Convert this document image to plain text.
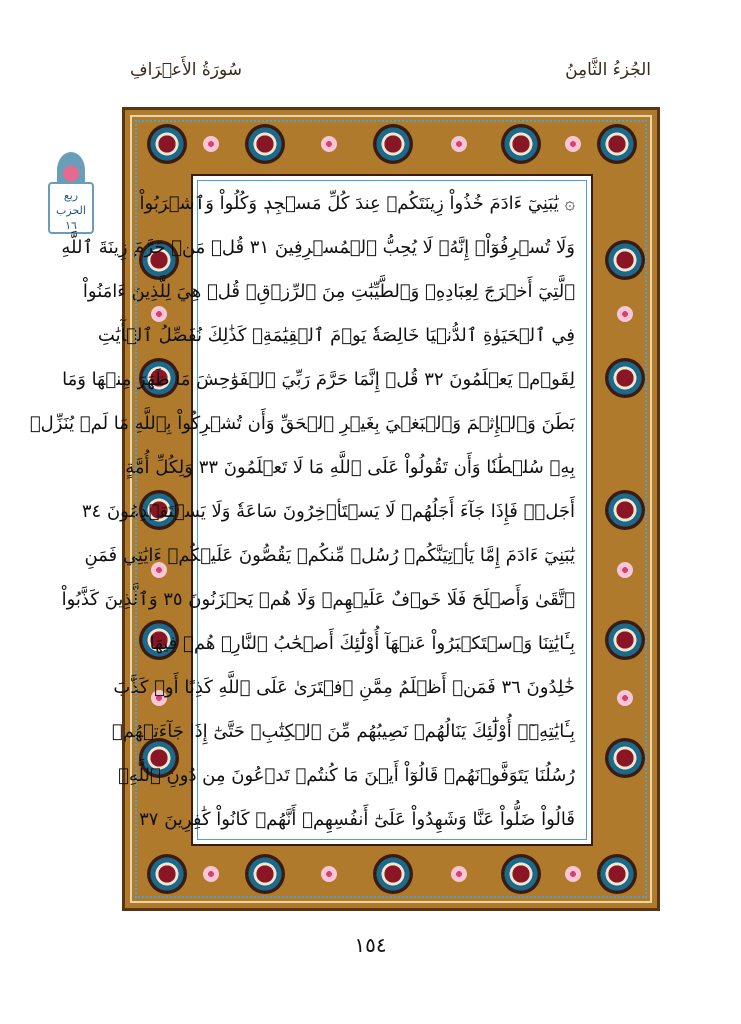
الجُزءُ الثَّامِنُ
سُورَةُ الأَعۡرَافِ
ربع
الحزب
١٦
۞ يَٰبَنِيٓ ءَادَمَ خُذُواْ زِينَتَكُمۡ عِندَ كُلِّ مَسۡجِدٖ وَكُلُواْ وَٱشۡرَبُواْ
وَلَا تُسۡرِفُوٓاْۚ إِنَّهُۥ لَا يُحِبُّ ٱلۡمُسۡرِفِينَ ٣١ قُلۡ مَنۡ حَرَّمَ زِينَةَ ٱللَّهِ
ٱلَّتِيٓ أَخۡرَجَ لِعِبَادِهِۦ وَٱلطَّيِّبَٰتِ مِنَ ٱلرِّزۡقِۚ قُلۡ هِيَ لِلَّذِينَ ءَامَنُواْ
فِي ٱلۡحَيَوٰةِ ٱلدُّنۡيَا خَالِصَةٗ يَوۡمَ ٱلۡقِيَٰمَةِۗ كَذَٰلِكَ نُفَصِّلُ ٱلۡأٓيَٰتِ
لِقَوۡمٖ يَعۡلَمُونَ ٣٢ قُلۡ إِنَّمَا حَرَّمَ رَبِّيَ ٱلۡفَوَٰحِشَ مَا ظَهَرَ مِنۡهَا وَمَا
بَطَنَ وَٱلۡإِثۡمَ وَٱلۡبَغۡيَ بِغَيۡرِ ٱلۡحَقِّ وَأَن تُشۡرِكُواْ بِٱللَّهِ مَا لَمۡ يُنَزِّلۡ
بِهِۦ سُلۡطَٰنٗا وَأَن تَقُولُواْ عَلَى ٱللَّهِ مَا لَا تَعۡلَمُونَ ٣٣ وَلِكُلِّ أُمَّةٍ
أَجَلٞۖ فَإِذَا جَآءَ أَجَلُهُمۡ لَا يَسۡتَأۡخِرُونَ سَاعَةٗ وَلَا يَسۡتَقۡدِمُونَ ٣٤
يَٰبَنِيٓ ءَادَمَ إِمَّا يَأۡتِيَنَّكُمۡ رُسُلٞ مِّنكُمۡ يَقُصُّونَ عَلَيۡكُمۡ ءَايَٰتِي فَمَنِ
ٱتَّقَىٰ وَأَصۡلَحَ فَلَا خَوۡفٌ عَلَيۡهِمۡ وَلَا هُمۡ يَحۡزَنُونَ ٣٥ وَٱلَّذِينَ كَذَّبُواْ
بِـَٔايَٰتِنَا وَٱسۡتَكۡبَرُواْ عَنۡهَآ أُوْلَٰٓئِكَ أَصۡحَٰبُ ٱلنَّارِۖ هُمۡ فِيهَا
خَٰلِدُونَ ٣٦ فَمَنۡ أَظۡلَمُ مِمَّنِ ٱفۡتَرَىٰ عَلَى ٱللَّهِ كَذِبًا أَوۡ كَذَّبَ
بِـَٔايَٰتِهِۦٓۚ أُوْلَٰٓئِكَ يَنَالُهُمۡ نَصِيبُهُم مِّنَ ٱلۡكِتَٰبِۖ حَتَّىٰٓ إِذَا جَآءَتۡهُمۡ
رُسُلُنَا يَتَوَفَّوۡنَهُمۡ قَالُوٓاْ أَيۡنَ مَا كُنتُمۡ تَدۡعُونَ مِن دُونِ ٱللَّهِۖ
قَالُواْ ضَلُّواْ عَنَّا وَشَهِدُواْ عَلَىٰٓ أَنفُسِهِمۡ أَنَّهُمۡ كَانُواْ كَٰفِرِينَ ٣٧
١٥٤
